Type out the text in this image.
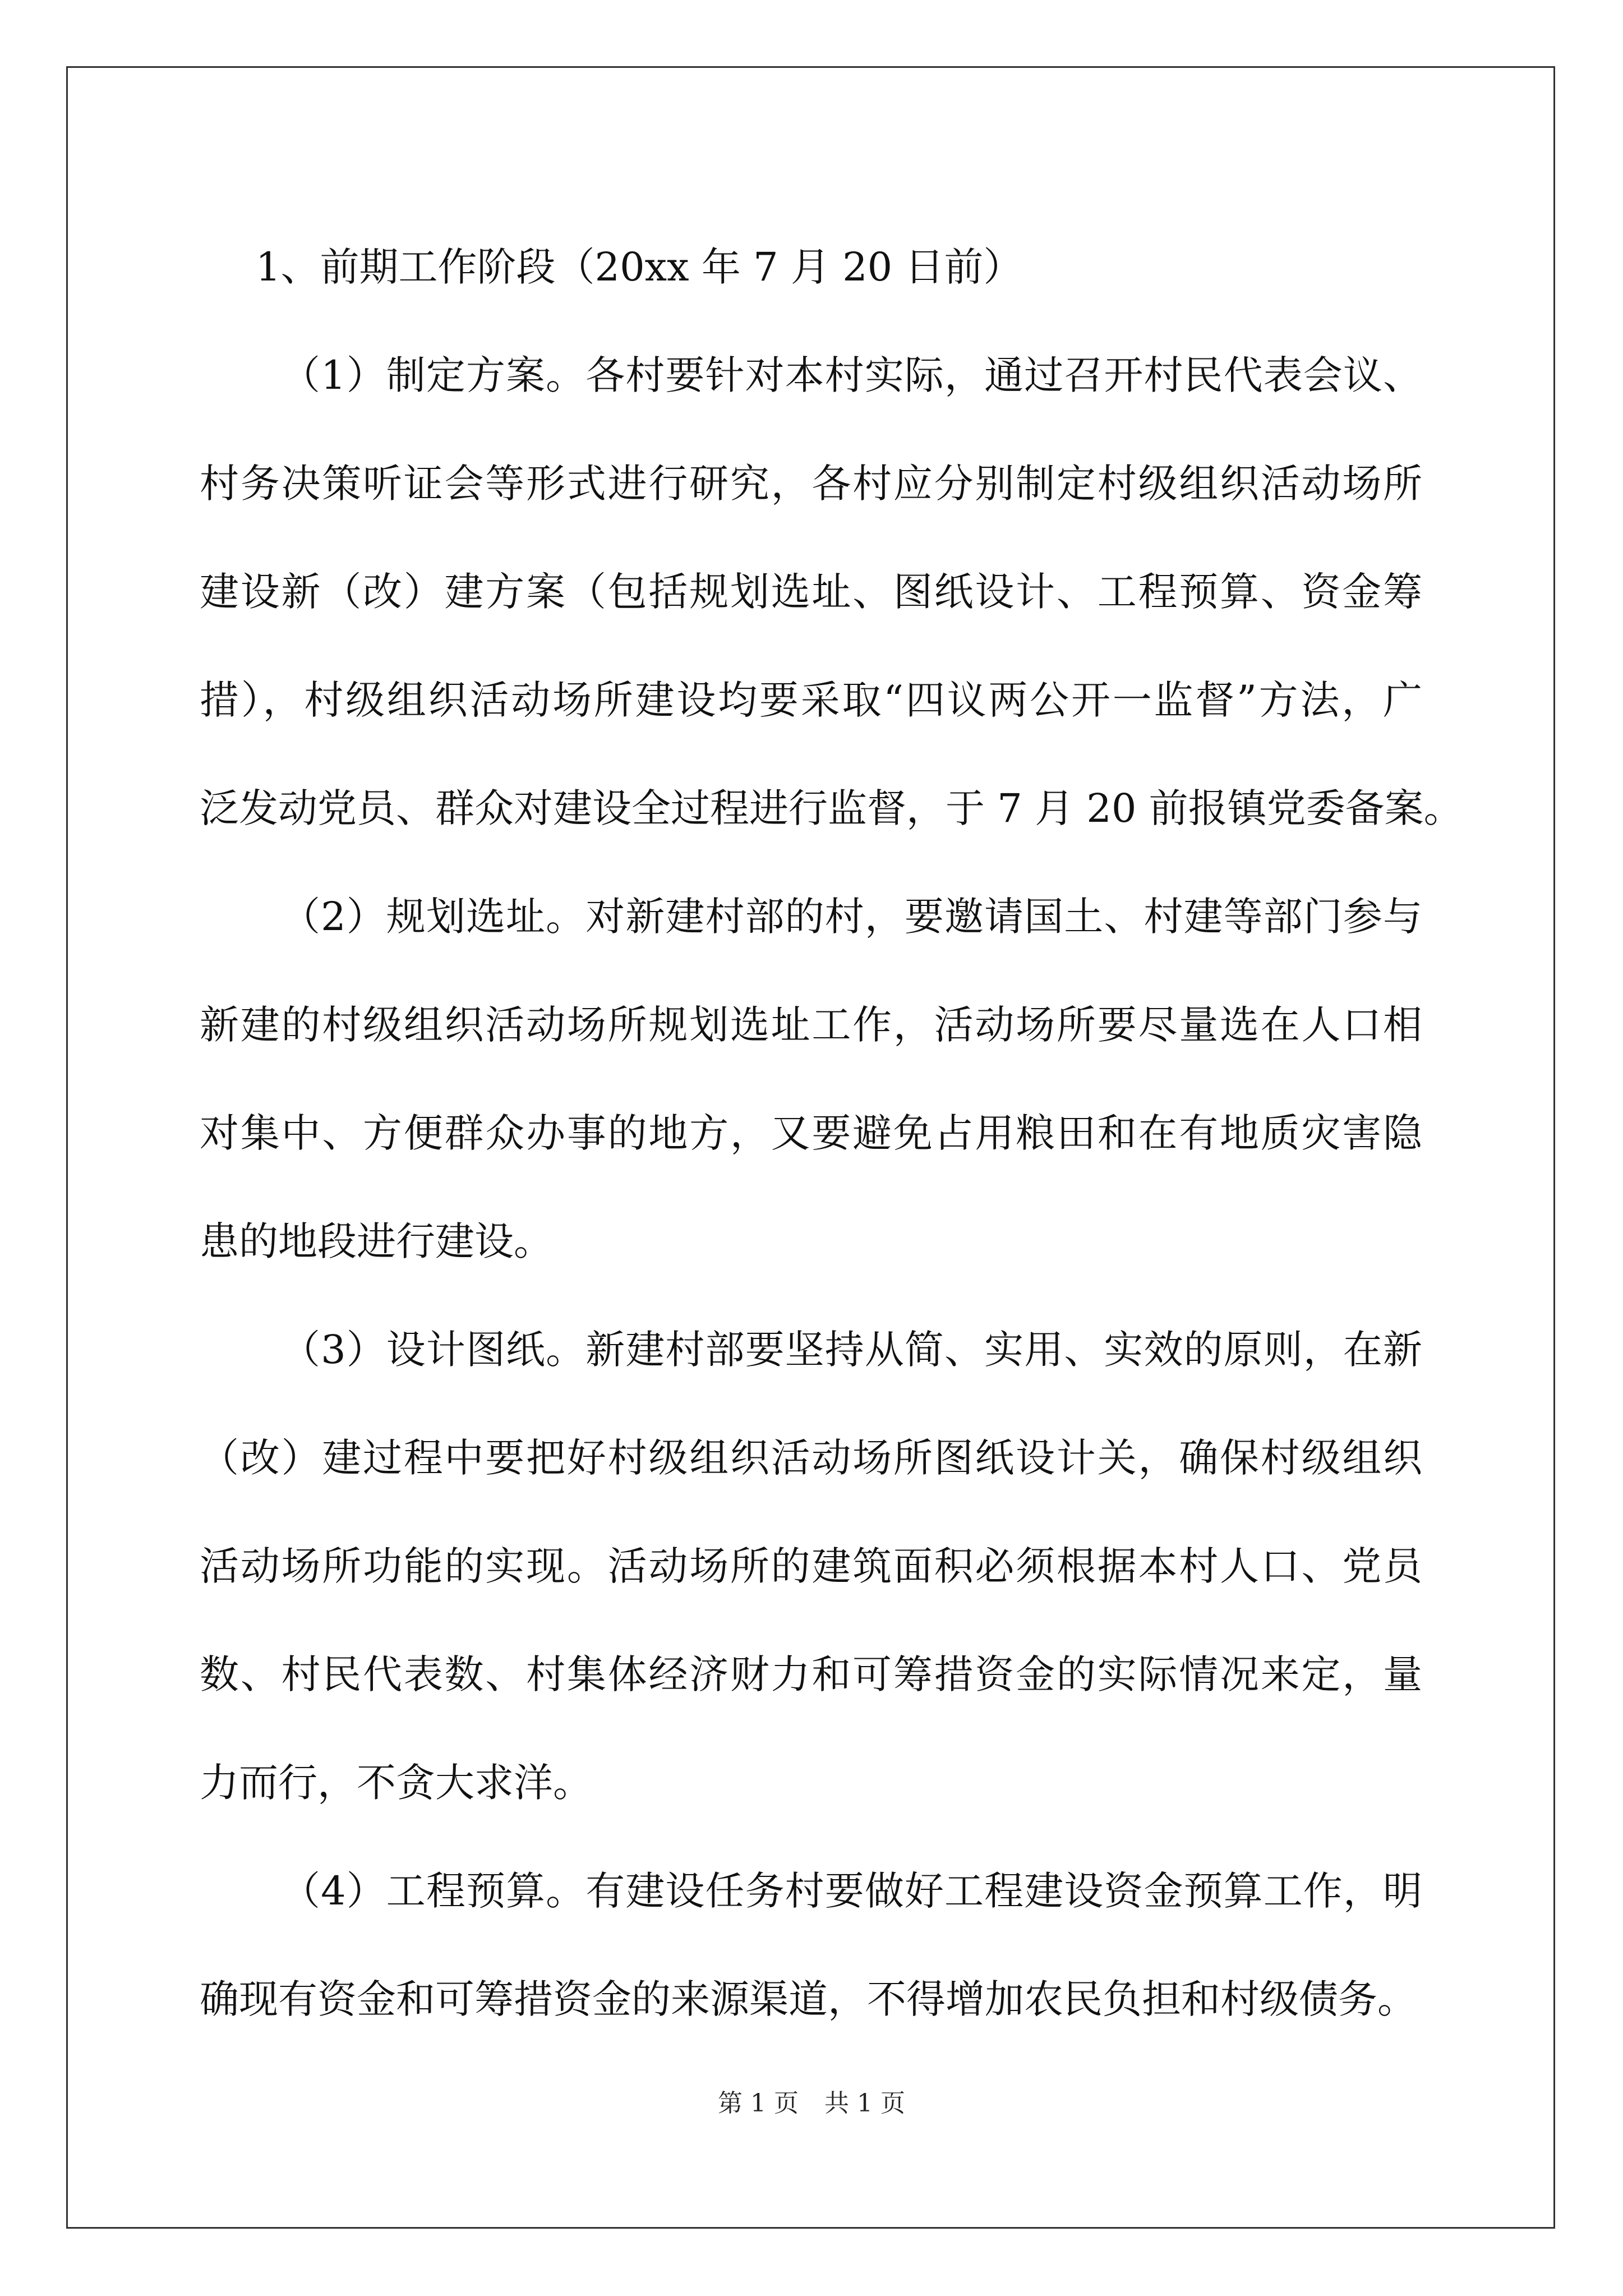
1、前期工作阶段（20xx 年 7 月 20 日前）
（1）制定方案。各村要针对本村实际，通过召开村民代表会议、
村务决策听证会等形式进行研究，各村应分别制定村级组织活动场所
建设新（改）建方案（包括规划选址、图纸设计、工程预算、资金筹
措），村级组织活动场所建设均要采取“四议两公开一监督”方法，广
泛发动党员、群众对建设全过程进行监督，于 7 月 20 前报镇党委备案。
（2）规划选址。对新建村部的村，要邀请国土、村建等部门参与
新建的村级组织活动场所规划选址工作，活动场所要尽量选在人口相
对集中、方便群众办事的地方，又要避免占用粮田和在有地质灾害隐
患的地段进行建设。
（3）设计图纸。新建村部要坚持从简、实用、实效的原则，在新
（改）建过程中要把好村级组织活动场所图纸设计关，确保村级组织
活动场所功能的实现。活动场所的建筑面积必须根据本村人口、党员
数、村民代表数、村集体经济财力和可筹措资金的实际情况来定，量
力而行，不贪大求洋。
（4）工程预算。有建设任务村要做好工程建设资金预算工作，明
确现有资金和可筹措资金的来源渠道，不得增加农民负担和村级债务。
第 1 页 共 1 页
